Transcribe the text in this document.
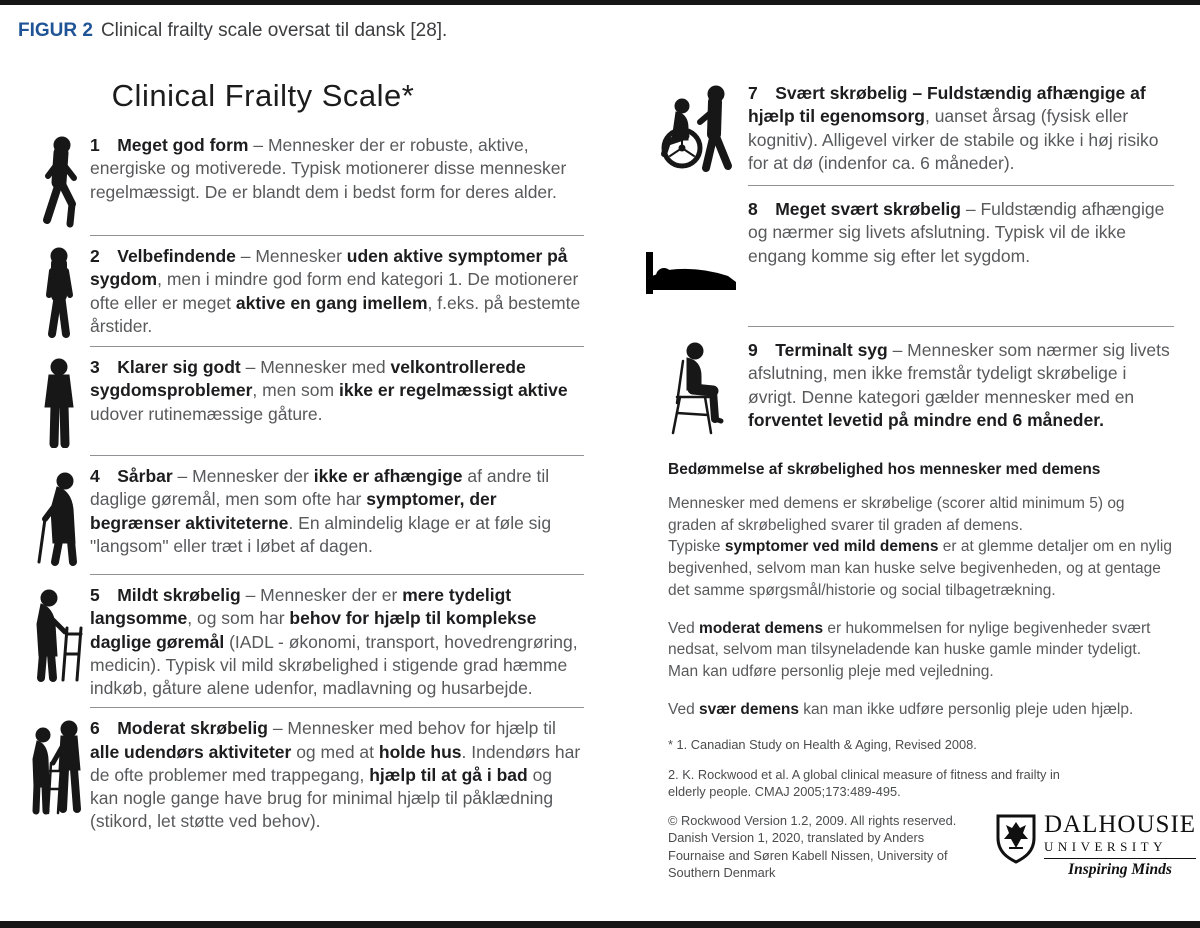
FIGUR 2 Clinical frailty scale oversat til dansk [28].
Clinical Frailty Scale*
1  Meget god form – Mennesker der er robuste, aktive, energiske og motiverede. Typisk motionerer disse mennesker regelmæssigt. De er blandt dem i bedst form for deres alder.
2  Velbefindende – Mennesker uden aktive symptomer på sygdom, men i mindre god form end kategori 1. De motionerer ofte eller er meget aktive en gang imellem, f.eks. på bestemte årstider.
3  Klarer sig godt – Mennesker med velkontrollerede sygdomsproblemer, men som ikke er regelmæssigt aktive udover rutinemæssige gåture.
4  Sårbar – Mennesker der ikke er afhængige af andre til daglige gøremål, men som ofte har symptomer, der begrænser aktiviteterne. En almindelig klage er at føle sig "langsom" eller træt i løbet af dagen.
5  Mildt skrøbelig – Mennesker der er mere tydeligt langsomme, og som har behov for hjælp til komplekse daglige gøremål (IADL - økonomi, transport, hovedrengrøring, medicin). Typisk vil mild skrøbelighed i stigende grad hæmme indkøb, gåture alene udenfor, madlavning og husarbejde.
6  Moderat skrøbelig – Mennesker med behov for hjælp til alle udendørs aktiviteter og med at holde hus. Indendørs har de ofte problemer med trappegang, hjælp til at gå i bad og kan nogle gange have brug for minimal hjælp til påklædning (stikord, let støtte ved behov).
7  Svært skrøbelig – Fuldstændig afhængige af hjælp til egenomsorg, uanset årsag (fysisk eller kognitiv). Alligevel virker de stabile og ikke i høj risiko for at dø (indenfor ca. 6 måneder).
8  Meget svært skrøbelig – Fuldstændig afhængige og nærmer sig livets afslutning. Typisk vil de ikke engang komme sig efter let sygdom.
9  Terminalt syg – Mennesker som nærmer sig livets afslutning, men ikke fremstår tydeligt skrøbelige i øvrigt. Denne kategori gælder mennesker med en forventet levetid på mindre end 6 måneder.
Bedømmelse af skrøbelighed hos mennesker med demens
Mennesker med demens er skrøbelige (scorer altid minimum 5) og graden af skrøbelighed svarer til graden af demens.
Typiske symptomer ved mild demens er at glemme detaljer om en nylig begivenhed, selvom man kan huske selve begivenheden, og at gentage det samme spørgsmål/historie og social tilbagetrækning.
Ved moderat demens er hukommelsen for nylige begivenheder svært nedsat, selvom man tilsyneladende kan huske gamle minder tydeligt. Man kan udføre personlig pleje med vejledning.
Ved svær demens kan man ikke udføre personlig pleje uden hjælp.
* 1. Canadian Study on Health & Aging, Revised 2008.
2. K. Rockwood et al. A global clinical measure of fitness and frailty in elderly people. CMAJ 2005;173:489-495.
© Rockwood Version 1.2, 2009. All rights reserved. Danish Version 1, 2020, translated by Anders Fournaise and Søren Kabell Nissen, University of Southern Denmark
DALHOUSIE
UNIVERSITY
Inspiring Minds
